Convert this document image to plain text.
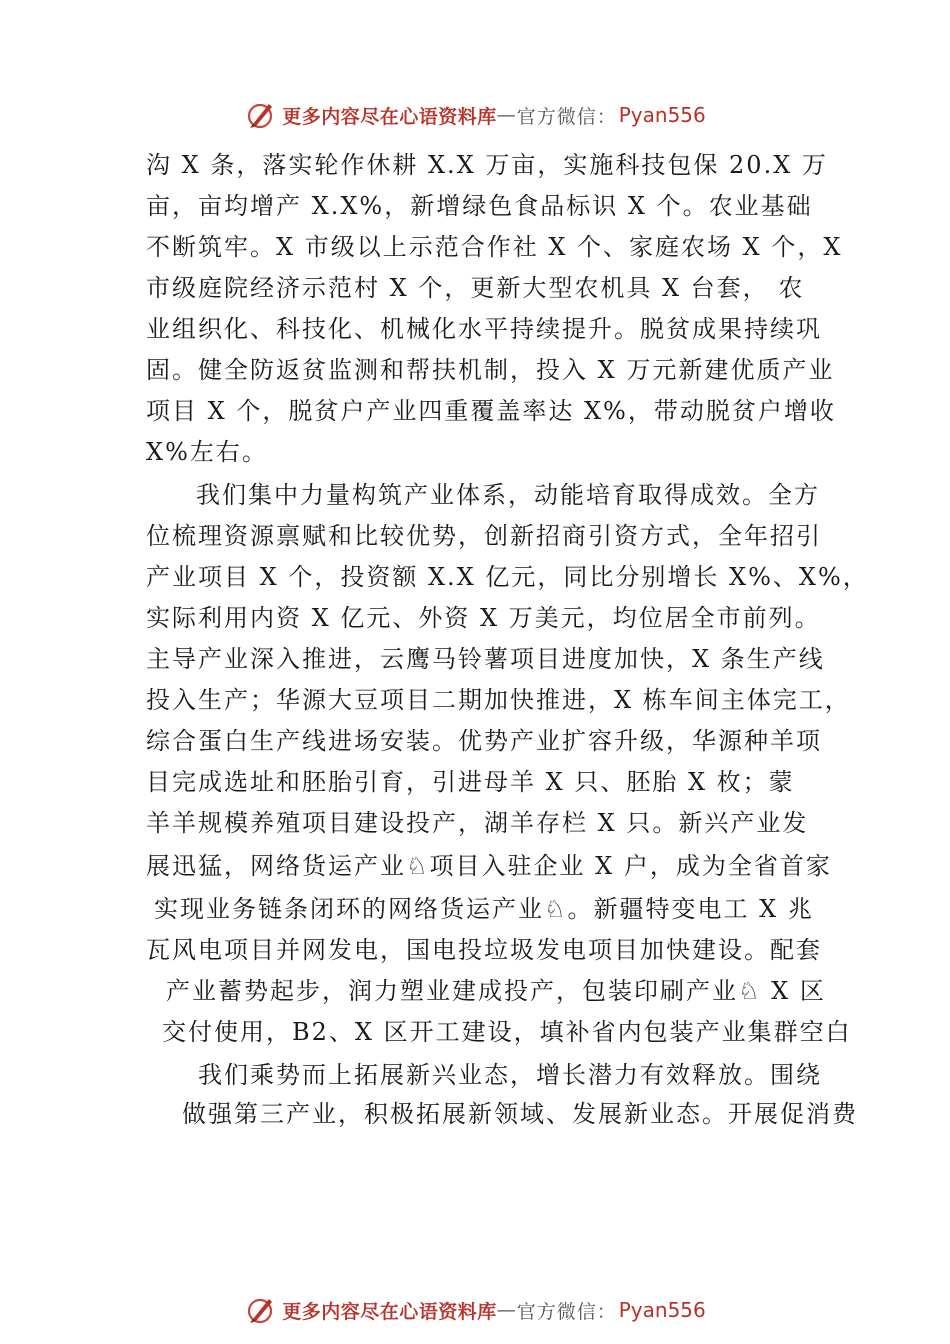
更多内容尽在心语资料库 — 官方微信： Pyan556
沟 X 条，落实轮作休耕 X.X 万亩，实施科技包保 20.X 万
亩，亩均增产 X.X%，新增绿色食品标识 X 个。农业基础
不断筑牢。X 市级以上示范合作社 X 个、家庭农场 X 个，X
市级庭院经济示范村 X 个，更新大型农机具 X 台套， 农
业组织化、科技化、机械化水平持续提升。脱贫成果持续巩
固。健全防返贫监测和帮扶机制，投入 X 万元新建优质产业
项目 X 个，脱贫户产业四重覆盖率达 X%，带动脱贫户增收
X%左右。
我们集中力量构筑产业体系，动能培育取得成效。全方
位梳理资源禀赋和比较优势，创新招商引资方式，全年招引
产业项目 X 个，投资额 X.X 亿元，同比分别增长 X%、X%，
实际利用内资 X 亿元、外资 X 万美元，均位居全市前列。
主导产业深入推进，云鹰马铃薯项目进度加快，X 条生产线
投入生产；华源大豆项目二期加快推进，X 栋车间主体完工，
综合蛋白生产线进场安装。优势产业扩容升级，华源种羊项
目完成选址和胚胎引育，引进母羊 X 只、胚胎 X 枚；蒙
羊羊规模养殖项目建设投产，湖羊存栏 X 只。新兴产业发
展迅猛，网络货运产业♘项目入驻企业 X 户，成为全省首家
实现业务链条闭环的网络货运产业♘。新疆特变电工 X 兆
瓦风电项目并网发电，国电投垃圾发电项目加快建设。配套
产业蓄势起步，润力塑业建成投产，包装印刷产业♘ X 区
交付使用，B2、X 区开工建设，填补省内包装产业集群空白
我们乘势而上拓展新兴业态，增长潜力有效释放。围绕
做强第三产业，积极拓展新领域、发展新业态。开展促消费
更多内容尽在心语资料库 — 官方微信： Pyan556
